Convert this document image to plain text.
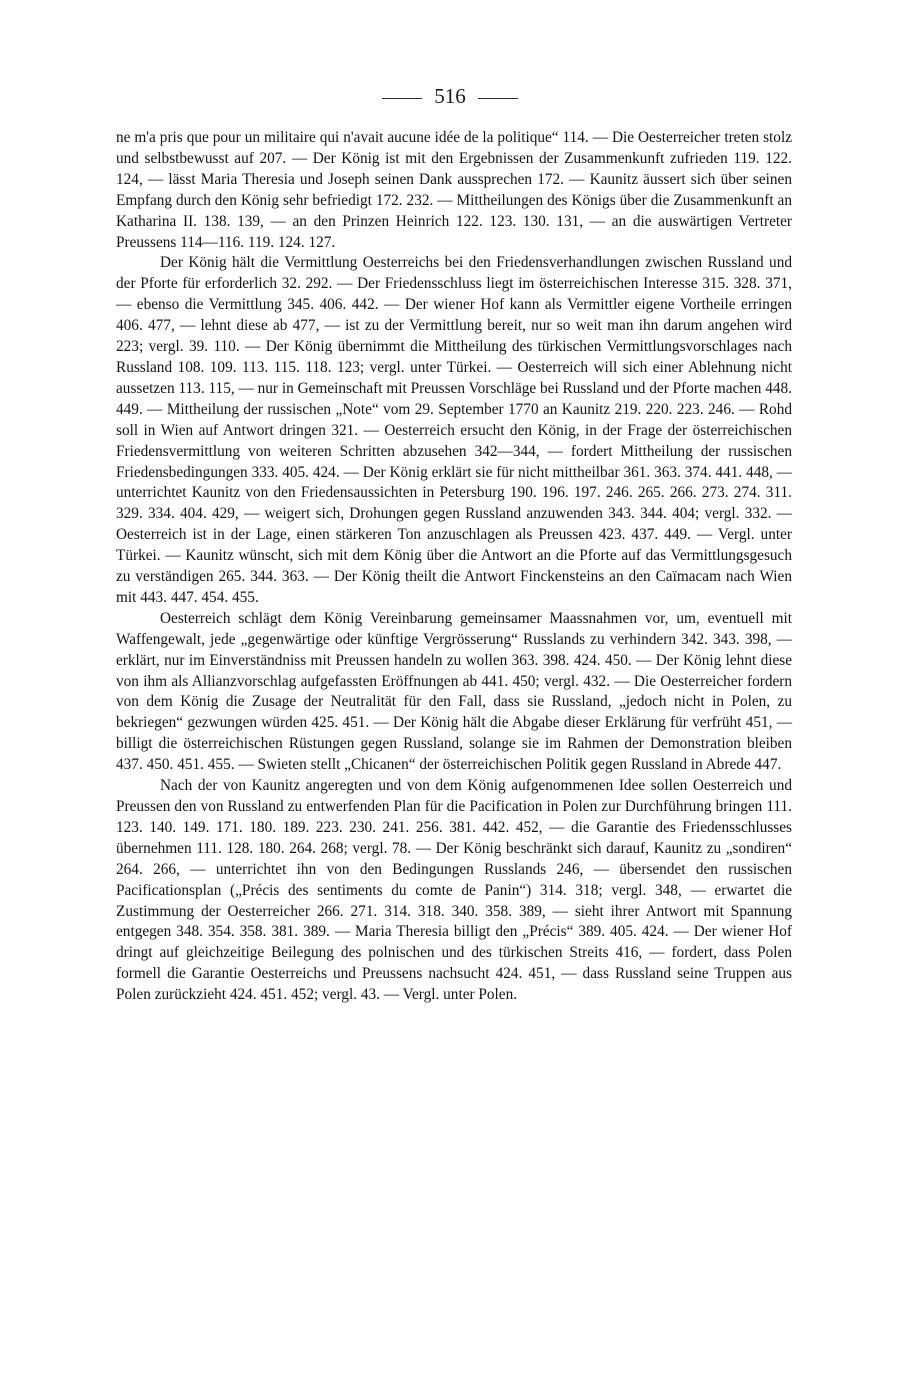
516

ne m'a pris que pour un militaire qui n'avait aucune idée de la politique“ 114. — Die Oesterreicher treten stolz und selbstbewusst auf 207. — Der König ist mit den Ergebnissen der Zusammenkunft zufrieden 119. 122. 124, — lässt Maria Theresia und Joseph seinen Dank aussprechen 172. — Kaunitz äussert sich über seinen Empfang durch den König sehr befriedigt 172. 232. — Mittheilungen des Königs über die Zusammenkunft an Katharina II. 138. 139, — an den Prinzen Heinrich 122. 123. 130. 131, — an die auswärtigen Vertreter Preussens 114—116. 119. 124. 127.

Der König hält die Vermittlung Oesterreichs bei den Friedensverhandlungen zwischen Russland und der Pforte für erforderlich 32. 292. — Der Friedensschluss liegt im österreichischen Interesse 315. 328. 371, — ebenso die Vermittlung 345. 406. 442. — Der wiener Hof kann als Vermittler eigene Vortheile erringen 406. 477, — lehnt diese ab 477, — ist zu der Vermittlung bereit, nur so weit man ihn darum angehen wird 223; vergl. 39. 110. — Der König übernimmt die Mittheilung des türkischen Vermittlungsvorschlages nach Russland 108. 109. 113. 115. 118. 123; vergl. unter Türkei. — Oesterreich will sich einer Ablehnung nicht aussetzen 113. 115, — nur in Gemeinschaft mit Preussen Vorschläge bei Russland und der Pforte machen 448. 449. — Mittheilung der russischen „Note“ vom 29. September 1770 an Kaunitz 219. 220. 223. 246. — Rohd soll in Wien auf Antwort dringen 321. — Oesterreich ersucht den König, in der Frage der österreichischen Friedensvermittlung von weiteren Schritten abzusehen 342—344, — fordert Mittheilung der russischen Friedensbedingungen 333. 405. 424. — Der König erklärt sie für nicht mittheilbar 361. 363. 374. 441. 448, — unterrichtet Kaunitz von den Friedensaussichten in Petersburg 190. 196. 197. 246. 265. 266. 273. 274. 311. 329. 334. 404. 429, — weigert sich, Drohungen gegen Russland anzuwenden 343. 344. 404; vergl. 332. — Oesterreich ist in der Lage, einen stärkeren Ton anzuschlagen als Preussen 423. 437. 449. — Vergl. unter Türkei. — Kaunitz wünscht, sich mit dem König über die Antwort an die Pforte auf das Vermittlungsgesuch zu verständigen 265. 344. 363. — Der König theilt die Antwort Finckensteins an den Caïmacam nach Wien mit 443. 447. 454. 455.

Oesterreich schlägt dem König Vereinbarung gemeinsamer Maassnahmen vor, um, eventuell mit Waffengewalt, jede „gegenwärtige oder künftige Vergrösserung“ Russlands zu verhindern 342. 343. 398, — erklärt, nur im Einverständniss mit Preussen handeln zu wollen 363. 398. 424. 450. — Der König lehnt diese von ihm als Allianzvorschlag aufgefassten Eröffnungen ab 441. 450; vergl. 432. — Die Oesterreicher fordern von dem König die Zusage der Neutralität für den Fall, dass sie Russland, „jedoch nicht in Polen, zu bekriegen“ gezwungen würden 425. 451. — Der König hält die Abgabe dieser Erklärung für verfrüht 451, — billigt die österreichischen Rüstungen gegen Russland, solange sie im Rahmen der Demonstration bleiben 437. 450. 451. 455. — Swieten stellt „Chicanen“ der österreichischen Politik gegen Russland in Abrede 447.

Nach der von Kaunitz angeregten und von dem König aufgenommenen Idee sollen Oesterreich und Preussen den von Russland zu entwerfenden Plan für die Pacification in Polen zur Durchführung bringen 111. 123. 140. 149. 171. 180. 189. 223. 230. 241. 256. 381. 442. 452, — die Garantie des Friedensschlusses übernehmen 111. 128. 180. 264. 268; vergl. 78. — Der König beschränkt sich darauf, Kaunitz zu „sondiren“ 264. 266, — unterrichtet ihn von den Bedingungen Russlands 246, — übersendet den russischen Pacificationsplan („Précis des sentiments du comte de Panin“) 314. 318; vergl. 348, — erwartet die Zustimmung der Oesterreicher 266. 271. 314. 318. 340. 358. 389, — sieht ihrer Antwort mit Spannung entgegen 348. 354. 358. 381. 389. — Maria Theresia billigt den „Précis“ 389. 405. 424. — Der wiener Hof dringt auf gleichzeitige Beilegung des polnischen und des türkischen Streits 416, — fordert, dass Polen formell die Garantie Oesterreichs und Preussens nachsucht 424. 451, — dass Russland seine Truppen aus Polen zurückzieht 424. 451. 452; vergl. 43. — Vergl. unter Polen.
